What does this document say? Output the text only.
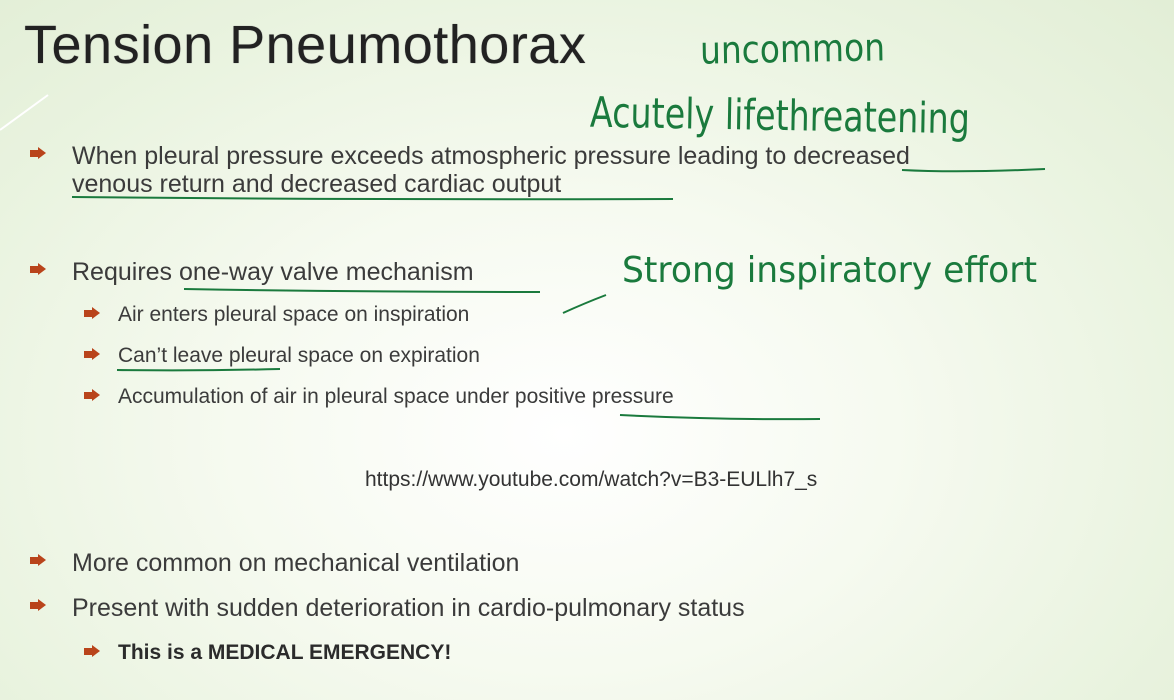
Tension Pneumothorax
When pleural pressure exceeds atmospheric pressure leading to decreased
venous return and decreased cardiac output
Requires one-way valve mechanism
Air enters pleural space on inspiration
Can’t leave pleural space on expiration
Accumulation of air in pleural space under positive pressure
https://www.youtube.com/watch?v=B3-EULlh7_s
More common on mechanical ventilation
Present with sudden deterioration in cardio-pulmonary status
This is a MEDICAL EMERGENCY!
uncommon
Acutely lifethreatening
Strong inspiratory effort
